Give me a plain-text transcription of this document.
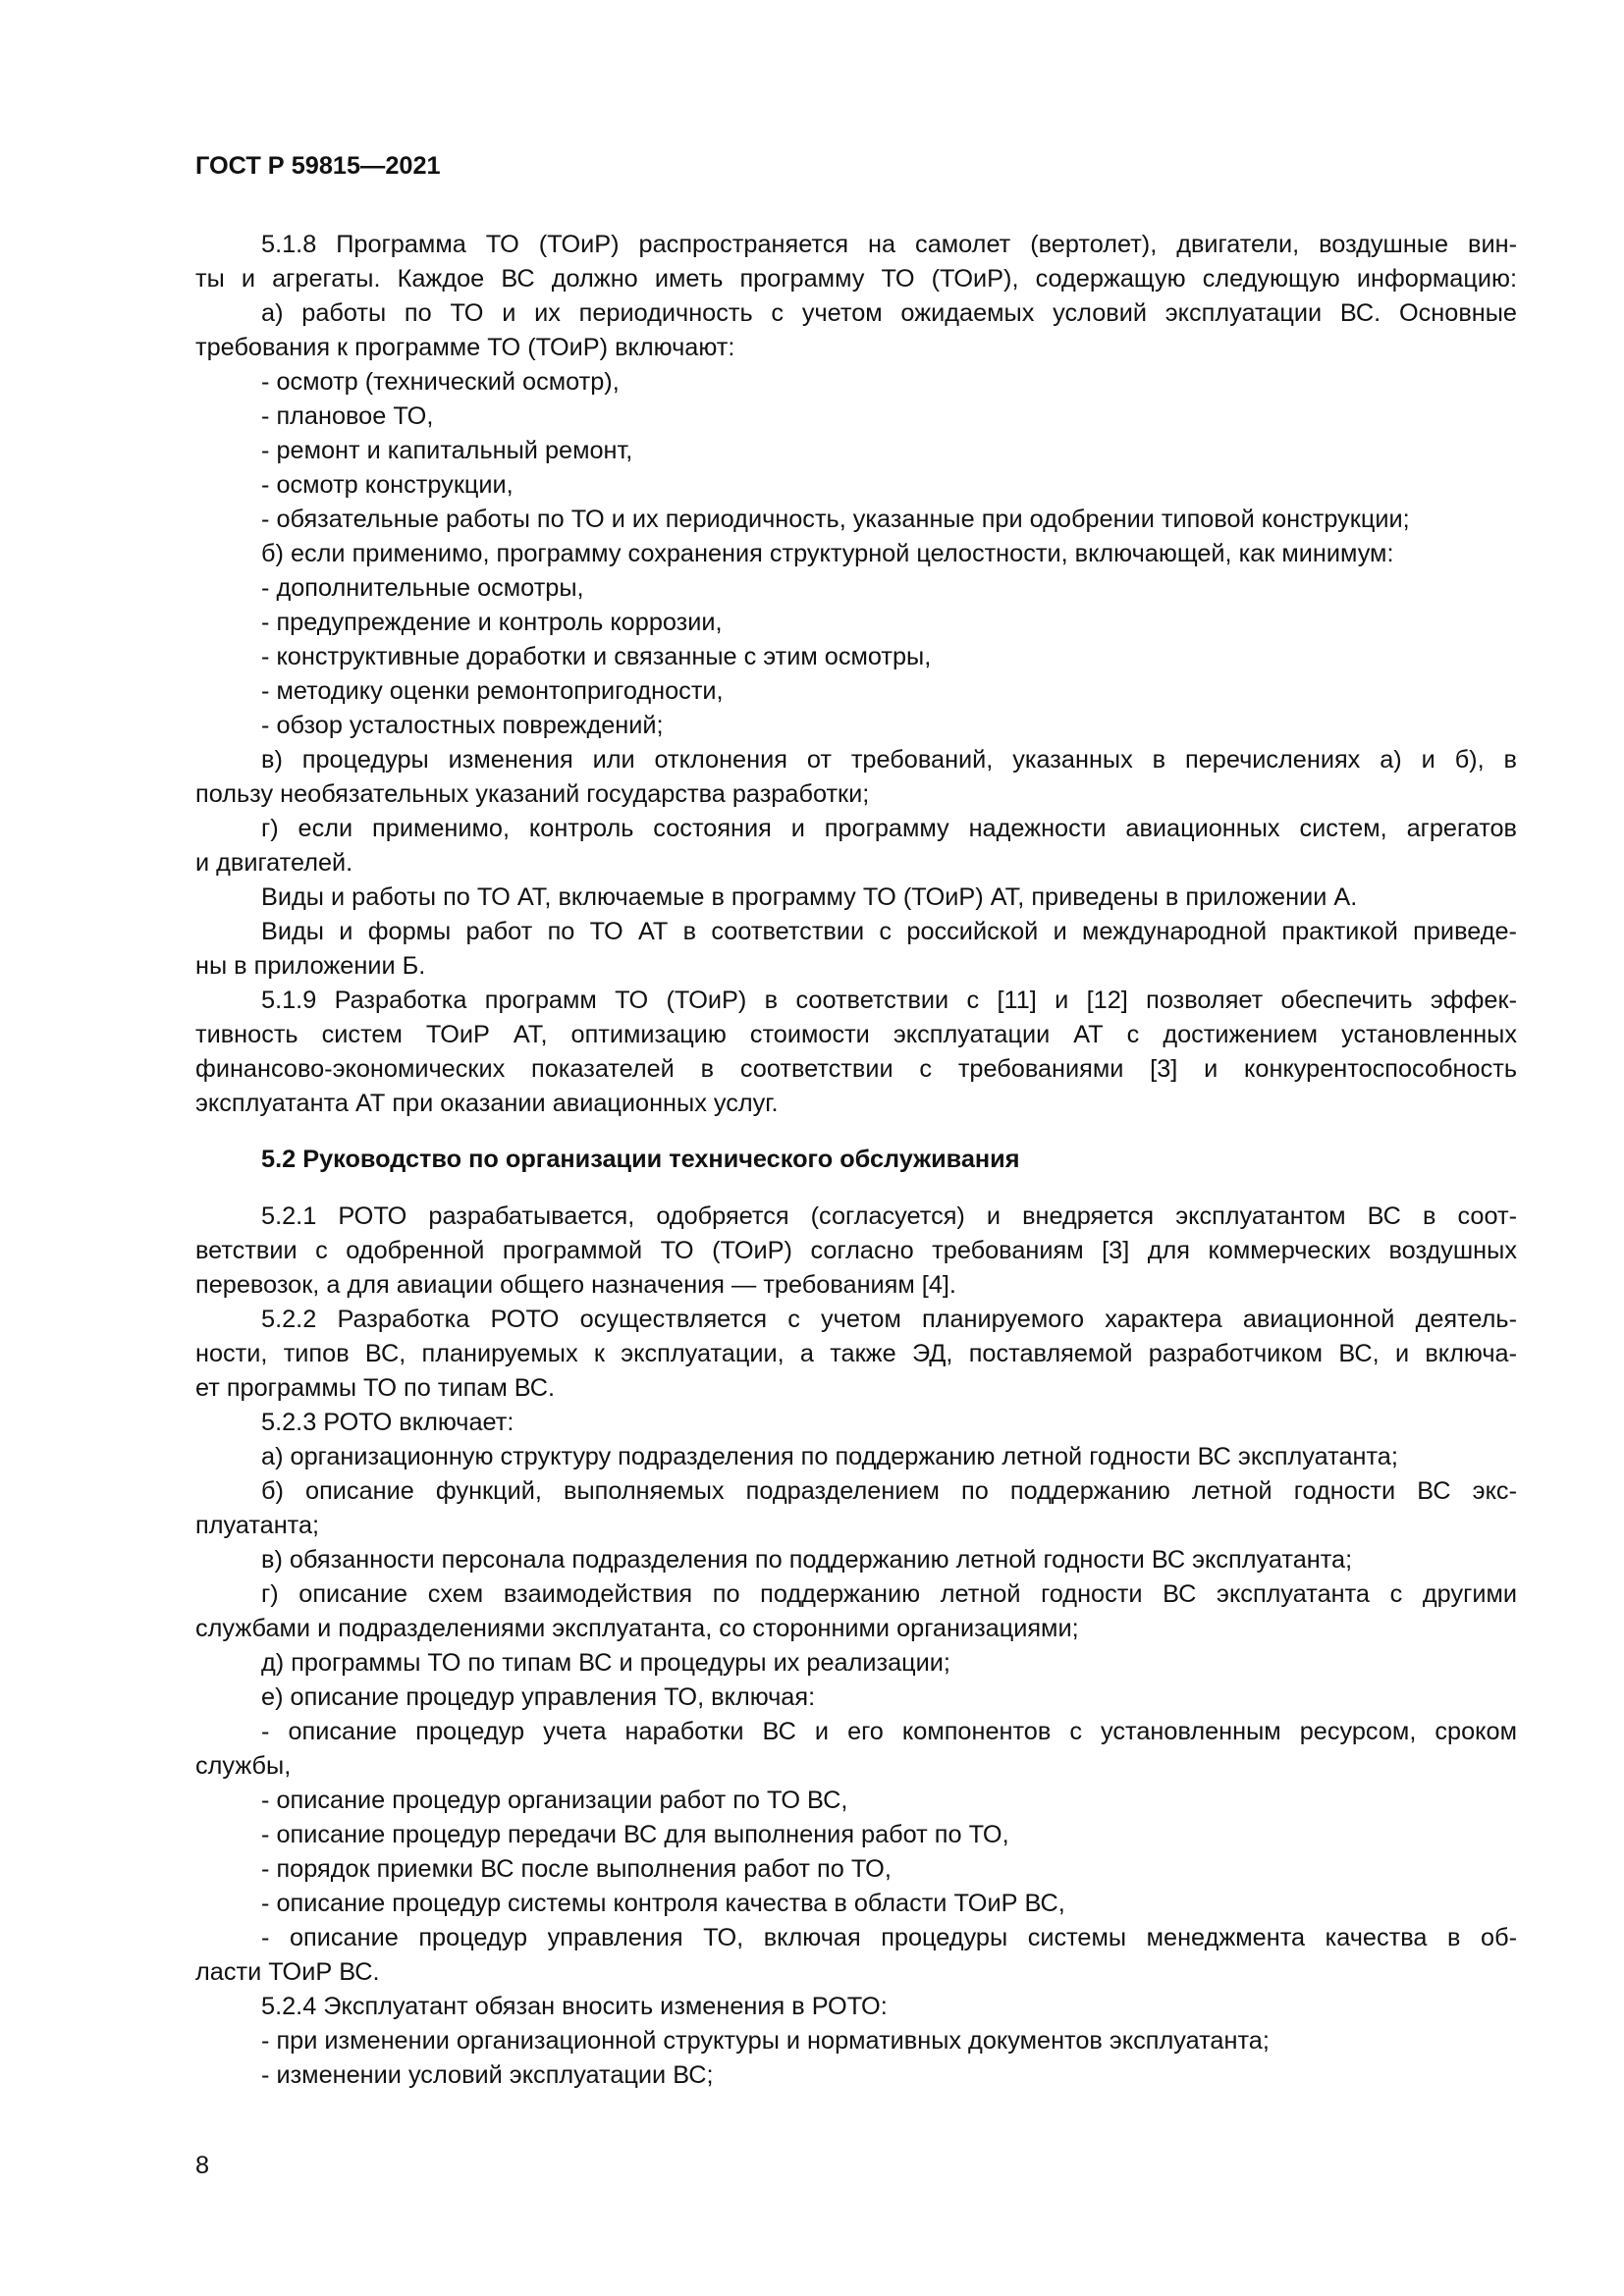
ГОСТ Р 59815—2021
5.1.8 Программа ТО (ТОиР) распространяется на самолет (вертолет), двигатели, воздушные вин-
ты и агрегаты. Каждое ВС должно иметь программу ТО (ТОиР), содержащую следующую информацию:
а) работы по ТО и их периодичность с учетом ожидаемых условий эксплуатации ВС. Основные
требования к программе ТО (ТОиР) включают:
- осмотр (технический осмотр),
- плановое ТО,
- ремонт и капитальный ремонт,
- осмотр конструкции,
- обязательные работы по ТО и их периодичность, указанные при одобрении типовой конструкции;
б) если применимо, программу сохранения структурной целостности, включающей, как минимум:
- дополнительные осмотры,
- предупреждение и контроль коррозии,
- конструктивные доработки и связанные с этим осмотры,
- методику оценки ремонтопригодности,
- обзор усталостных повреждений;
в) процедуры изменения или отклонения от требований, указанных в перечислениях а) и б), в
пользу необязательных указаний государства разработки;
г) если применимо, контроль состояния и программу надежности авиационных систем, агрегатов
и двигателей.
Виды и работы по ТО АТ, включаемые в программу ТО (ТОиР) АТ, приведены в приложении А.
Виды и формы работ по ТО АТ в соответствии с российской и международной практикой приведе-
ны в приложении Б.
5.1.9 Разработка программ ТО (ТОиР) в соответствии с [11] и [12] позволяет обеспечить эффек-
тивность систем ТОиР АТ, оптимизацию стоимости эксплуатации АТ с достижением установленных
финансово-экономических показателей в соответствии с требованиями [3] и конкурентоспособность
эксплуатанта АТ при оказании авиационных услуг.
5.2 Руководство по организации технического обслуживания
5.2.1 РОТО разрабатывается, одобряется (согласуется) и внедряется эксплуатантом ВС в соот-
ветствии с одобренной программой ТО (ТОиР) согласно требованиям [3] для коммерческих воздушных
перевозок, а для авиации общего назначения — требованиям [4].
5.2.2 Разработка РОТО осуществляется с учетом планируемого характера авиационной деятель-
ности, типов ВС, планируемых к эксплуатации, а также ЭД, поставляемой разработчиком ВС, и включа-
ет программы ТО по типам ВС.
5.2.3 РОТО включает:
а) организационную структуру подразделения по поддержанию летной годности ВС эксплуатанта;
б) описание функций, выполняемых подразделением по поддержанию летной годности ВС экс-
плуатанта;
в) обязанности персонала подразделения по поддержанию летной годности ВС эксплуатанта;
г) описание схем взаимодействия по поддержанию летной годности ВС эксплуатанта с другими
службами и подразделениями эксплуатанта, со сторонними организациями;
д) программы ТО по типам ВС и процедуры их реализации;
е) описание процедур управления ТО, включая:
- описание процедур учета наработки ВС и его компонентов с установленным ресурсом, сроком
службы,
- описание процедур организации работ по ТО ВС,
- описание процедур передачи ВС для выполнения работ по ТО,
- порядок приемки ВС после выполнения работ по ТО,
- описание процедур системы контроля качества в области ТОиР ВС,
- описание процедур управления ТО, включая процедуры системы менеджмента качества в об-
ласти ТОиР ВС.
5.2.4 Эксплуатант обязан вносить изменения в РОТО:
- при изменении организационной структуры и нормативных документов эксплуатанта;
- изменении условий эксплуатации ВС;
8
